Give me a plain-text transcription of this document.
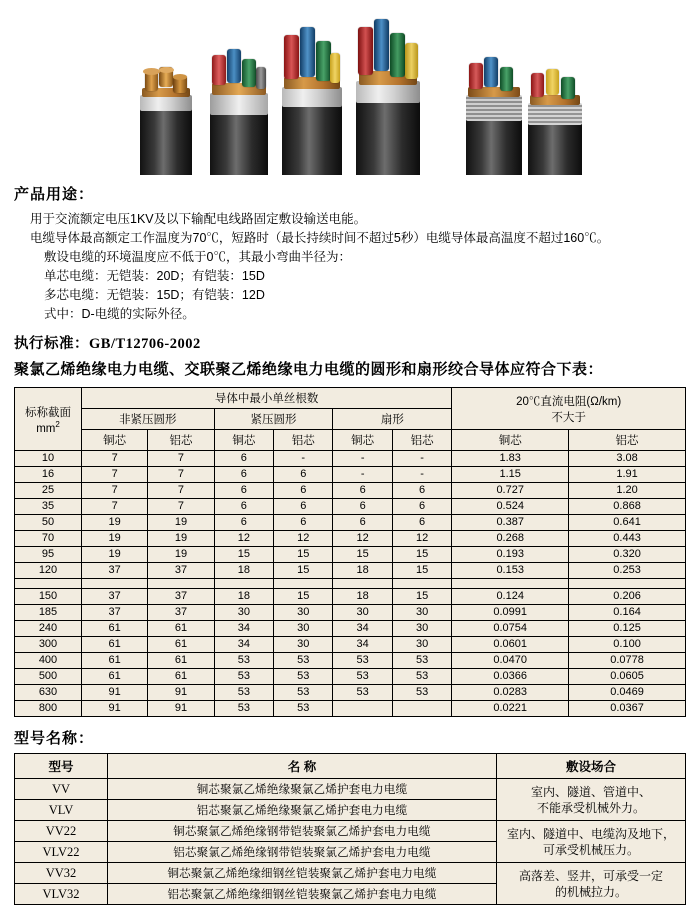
产品用途：
用于交流额定电压1KV及以下输配电线路固定敷设输送电能。
电缆导体最高额定工作温度为70℃，短路时（最长持续时间不超过5秒）电缆导体最高温度不超过160℃。
敷设电缆的环境温度应不低于0℃，其最小弯曲半径为：
单芯电缆：无铠装：20D；有铠装：15D
多芯电缆：无铠装：15D；有铠装：12D
式中：D-电缆的实际外径。
执行标准：GB/T12706-2002
聚氯乙烯绝缘电力电缆、交联聚乙烯绝缘电力电缆的圆形和扇形绞合导体应符合下表：
标称截面
$mm^2$
	导体中最小单丝根数	20℃直流电阻(Ω/km)
不大于

	非紧压圆形		紧压圆形		扇形			
	铜芯	铝芯	铜芯	铝芯	铜芯	铝芯	铜芯	铝芯
10	7	7	6	-	-	-	1.83	3.08
16	7	7	6	6	-	-	1.15	1.91
25	7	7	6	6	6	6	0.727	1.20
35	7	7	6	6	6	6	0.524	0.868
50	19	19	6	6	6	6	0.387	0.641
70	19	19	12	12	12	12	0.268	0.443
95	19	19	15	15	15	15	0.193	0.320
120	37	37	18	15	18	15	0.153	0.253

150	37	37	18	15	18	15	0.124	0.206
185	37	37	30	30	30	30	0.0991	0.164
240	61	61	34	30	34	30	0.0754	0.125
300	61	61	34	30	34	30	0.0601	0.100
400	61	61	53	53	53	53	0.0470	0.0778
500	61	61	53	53	53	53	0.0366	0.0605
630	91	91	53	53	53	53	0.0283	0.0469
800	91	91	53	53			0.0221	0.0367
型号名称：
型号	名 称	敷设场合
VV	铜芯聚氯乙烯绝缘聚氯乙烯护套电力电缆	室内、隧道、管道中、
不能承受机械外力。

VLV	铝芯聚氯乙烯绝缘聚氯乙烯护套电力电缆	
VV22	铜芯聚氯乙烯绝缘钢带铠装聚氯乙烯护套电力电缆	室内、隧道中、电缆沟及地下，
可承受机械压力。

VLV22	铝芯聚氯乙烯绝缘钢带铠装聚氯乙烯护套电力电缆	
VV32	铜芯聚氯乙烯绝缘细钢丝铠装聚氯乙烯护套电力电缆	高落差、竖井，可承受一定
的机械拉力。

VLV32	铝芯聚氯乙烯绝缘细钢丝铠装聚氯乙烯护套电力电缆	
